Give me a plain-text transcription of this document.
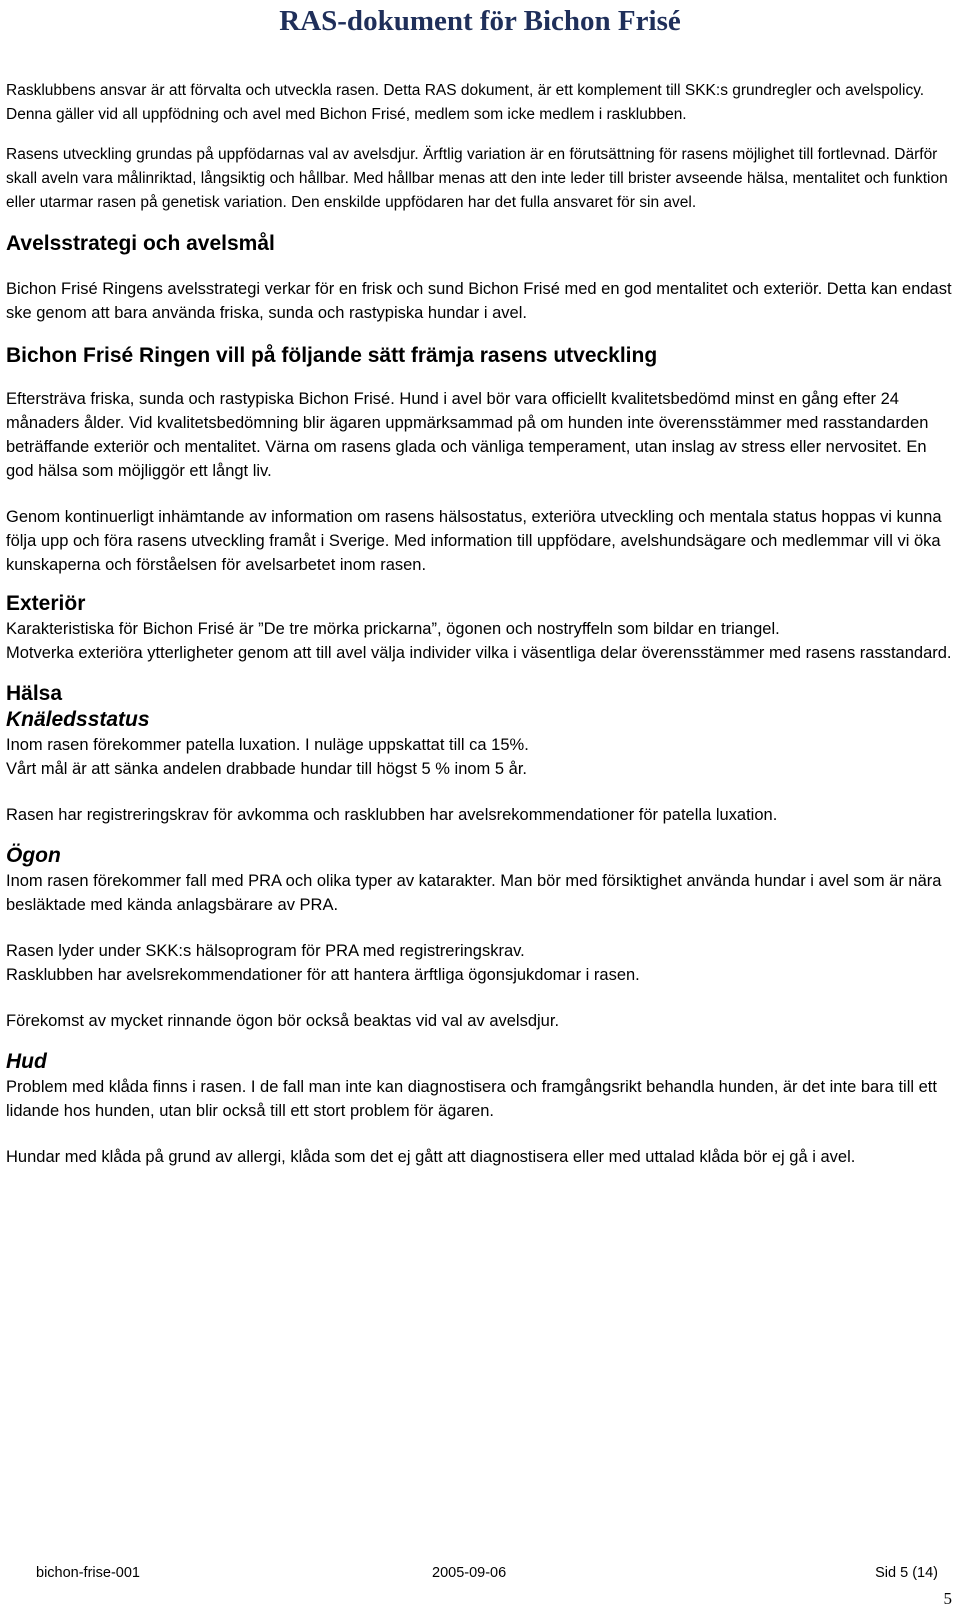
RAS-dokument för Bichon Frisé

Rasklubbens ansvar är att förvalta och utveckla rasen. Detta RAS dokument, är ett komplement till SKK:s grundregler och avelspolicy. Denna gäller vid all uppfödning och avel med Bichon Frisé, medlem som icke medlem i rasklubben.

Rasens utveckling grundas på uppfödarnas val av avelsdjur. Ärftlig variation är en förutsättning för rasens möjlighet till fortlevnad. Därför skall aveln vara målinriktad, långsiktig och hållbar. Med hållbar menas att den inte leder till brister avseende hälsa, mentalitet och funktion eller utarmar rasen på genetisk variation. Den enskilde uppfödaren har det fulla ansvaret för sin avel.

Avelsstrategi och avelsmål

Bichon Frisé Ringens avelsstrategi verkar för en frisk och sund Bichon Frisé med en god mentalitet och exteriör. Detta kan endast ske genom att bara använda friska, sunda och rastypiska hundar i avel.

Bichon Frisé Ringen vill på följande sätt främja rasens utveckling

Eftersträva friska, sunda och rastypiska Bichon Frisé. Hund i avel bör vara officiellt kvalitetsbedömd minst en gång efter 24 månaders ålder. Vid kvalitetsbedömning blir ägaren uppmärksammad på om hunden inte överensstämmer med rasstandarden beträffande exteriör och mentalitet. Värna om rasens glada och vänliga temperament, utan inslag av stress eller nervositet. En god hälsa som möjliggör ett långt liv.

Genom kontinuerligt inhämtande av information om rasens hälsostatus, exteriöra utveckling och mentala status hoppas vi kunna följa upp och föra rasens utveckling framåt i Sverige. Med information till uppfödare, avelshundsägare och medlemmar vill vi öka kunskaperna och förståelsen för avelsarbetet inom rasen.

Exteriör

Karakteristiska för Bichon Frisé är ”De tre mörka prickarna”, ögonen och nostryffeln som bildar en triangel.

Motverka exteriöra ytterligheter genom att till avel välja individer vilka i väsentliga delar överensstämmer med rasens rasstandard.

Hälsa
Knäledsstatus

Inom rasen förekommer patella luxation. I nuläge uppskattat till ca 15%.

Vårt mål är att sänka andelen drabbade hundar till högst 5 % inom 5 år.

Rasen har registreringskrav för avkomma och rasklubben har avelsrekommendationer för patella luxation.

Ögon

Inom rasen förekommer fall med PRA och olika typer av katarakter. Man bör med försiktighet använda hundar i avel som är nära besläktade med kända anlagsbärare av PRA.

Rasen lyder under SKK:s hälsoprogram för PRA med registreringskrav.

Rasklubben har avelsrekommendationer för att hantera ärftliga ögonsjukdomar i rasen.

Förekomst av mycket rinnande ögon bör också beaktas vid val av avelsdjur.

Hud

Problem med klåda finns i rasen. I de fall man inte kan diagnostisera och framgångsrikt behandla hunden, är det inte bara till ett lidande hos hunden, utan blir också till ett stort problem för ägaren.

Hundar med klåda på grund av allergi, klåda som det ej gått att diagnostisera eller med uttalad klåda bör ej gå i avel.

bichon-frise-001	2005-09-06	Sid 5 (14)
5
